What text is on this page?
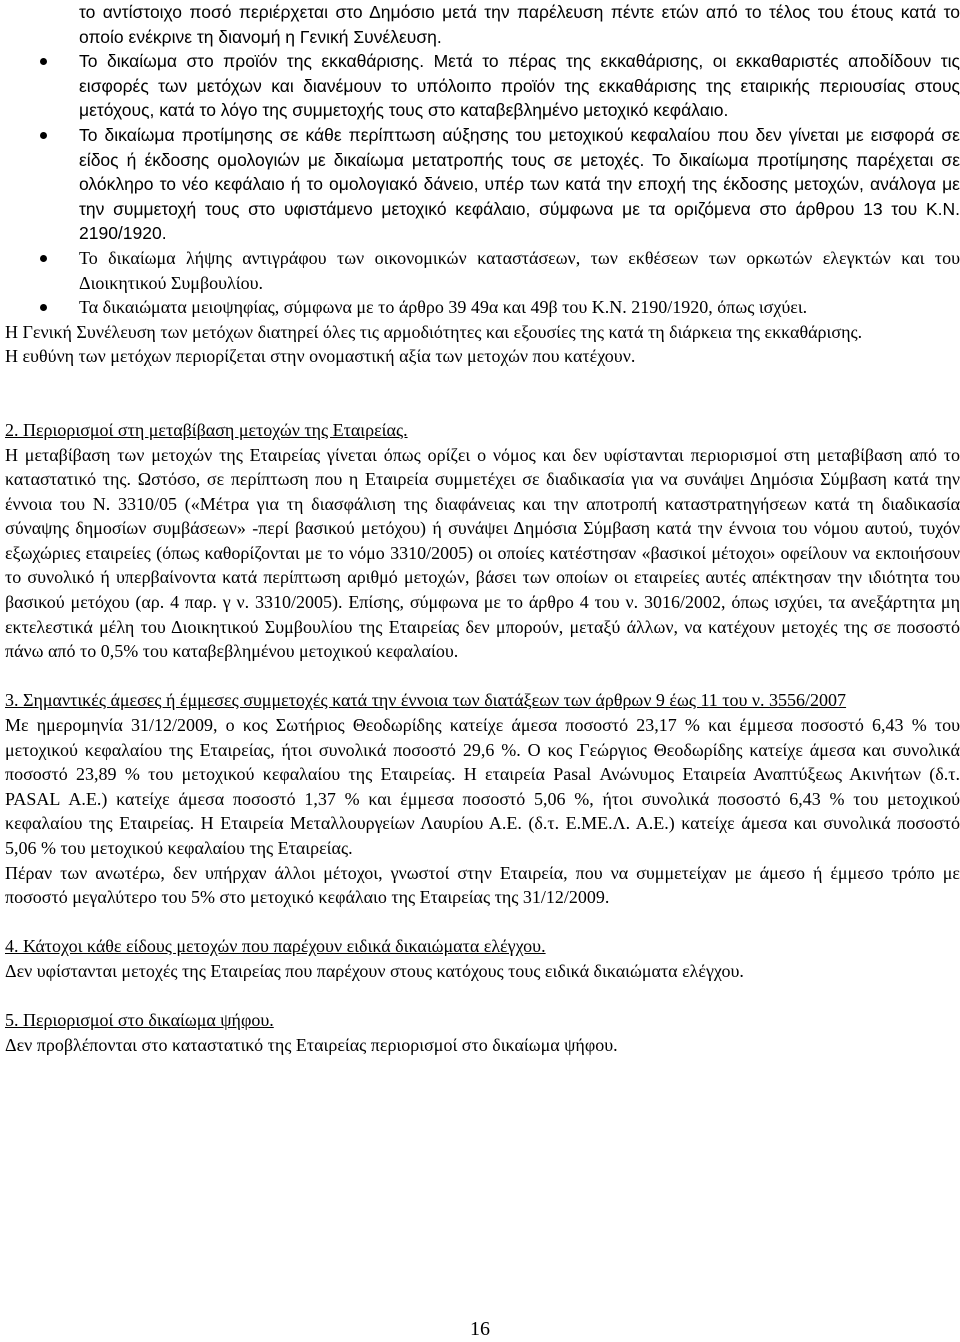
το αντίστοιχο ποσό περιέρχεται στο Δημόσιο μετά την παρέλευση πέντε ετών από το τέλος του έτους κατά το οποίο ενέκρινε τη διανομή η Γενική Συνέλευση.
Το δικαίωμα στο προϊόν της εκκαθάρισης. Μετά το πέρας της εκκαθάρισης, οι εκκαθαριστές αποδίδουν τις εισφορές των μετόχων και διανέμουν το υπόλοιπο προϊόν της εκκαθάρισης της εταιρικής περιουσίας στους μετόχους, κατά το λόγο της συμμετοχής τους στο καταβεβλημένο μετοχικό κεφάλαιο.
Το δικαίωμα προτίμησης σε κάθε περίπτωση αύξησης του μετοχικού κεφαλαίου που δεν γίνεται με εισφορά σε είδος ή έκδοσης ομολογιών με δικαίωμα μετατροπής τους σε μετοχές. Το δικαίωμα προτίμησης παρέχεται σε ολόκληρο το νέο κεφάλαιο ή το ομολογιακό δάνειο, υπέρ των κατά την εποχή της έκδοσης μετοχών, ανάλογα με την συμμετοχή τους στο υφιστάμενο μετοχικό κεφάλαιο, σύμφωνα με τα οριζόμενα στο άρθρου 13 του Κ.Ν. 2190/1920.
Το δικαίωμα λήψης αντιγράφου των οικονομικών καταστάσεων, των εκθέσεων των ορκωτών ελεγκτών και του Διοικητικού Συμβουλίου.
Τα δικαιώματα μειοψηφίας, σύμφωνα με το άρθρο 39 49α και 49β του Κ.Ν. 2190/1920, όπως ισχύει.

Η Γενική Συνέλευση των μετόχων διατηρεί όλες τις αρμοδιότητες και εξουσίες της κατά τη διάρκεια της εκκαθάρισης.

Η ευθύνη των μετόχων περιορίζεται στην ονομαστική αξία των μετοχών που κατέχουν.

2. Περιορισμοί στη μεταβίβαση μετοχών της Εταιρείας.

Η μεταβίβαση των μετοχών της Εταιρείας γίνεται όπως ορίζει ο νόμος και δεν υφίστανται περιορισμοί στη μεταβίβαση από το καταστατικό της. Ωστόσο, σε περίπτωση που η Εταιρεία συμμετέχει σε διαδικασία για να συνάψει Δημόσια Σύμβαση κατά την έννοια του Ν. 3310/05 («Μέτρα για τη διασφάλιση της διαφάνειας και την αποτροπή καταστρατηγήσεων κατά τη διαδικασία σύναψης δημοσίων συμβάσεων» -περί βασικού μετόχου) ή συνάψει Δημόσια Σύμβαση κατά την έννοια του νόμου αυτού, τυχόν εξωχώριες εταιρείες (όπως καθορίζονται με το νόμο 3310/2005) οι οποίες κατέστησαν «βασικοί μέτοχοι» οφείλουν να εκποιήσουν το συνολικό ή υπερβαίνοντα κατά περίπτωση αριθμό μετοχών, βάσει των οποίων οι εταιρείες αυτές απέκτησαν την ιδιότητα του βασικού μετόχου (αρ. 4 παρ. γ ν. 3310/2005). Επίσης, σύμφωνα με το άρθρο 4 του ν. 3016/2002, όπως ισχύει, τα ανεξάρτητα μη εκτελεστικά μέλη του Διοικητικού Συμβουλίου της Εταιρείας δεν μπορούν, μεταξύ άλλων, να κατέχουν μετοχές της σε ποσοστό πάνω από το 0,5% του καταβεβλημένου μετοχικού κεφαλαίου.

3. Σημαντικές άμεσες ή έμμεσες συμμετοχές κατά την έννοια των διατάξεων των άρθρων 9 έως 11 του ν. 3556/2007

Με ημερομηνία 31/12/2009, ο κος Σωτήριος Θεοδωρίδης κατείχε άμεσα ποσοστό 23,17 % και έμμεσα ποσοστό 6,43 % του μετοχικού κεφαλαίου της Εταιρείας, ήτοι συνολικά ποσοστό 29,6 %. Ο κος Γεώργιος Θεοδωρίδης κατείχε άμεσα και συνολικά ποσοστό 23,89 % του μετοχικού κεφαλαίου της Εταιρείας. Η εταιρεία Pasal Ανώνυμος Εταιρεία Αναπτύξεως Ακινήτων (δ.τ. PASAL Α.Ε.) κατείχε άμεσα ποσοστό 1,37 % και έμμεσα ποσοστό 5,06 %, ήτοι συνολικά ποσοστό 6,43 % του μετοχικού κεφαλαίου της Εταιρείας. Η Εταιρεία Μεταλλουργείων Λαυρίου Α.Ε. (δ.τ. Ε.ΜΕ.Λ. Α.Ε.) κατείχε άμεσα και συνολικά ποσοστό 5,06 % του μετοχικού κεφαλαίου της Εταιρείας.

Πέραν των ανωτέρω, δεν υπήρχαν άλλοι μέτοχοι, γνωστοί στην Εταιρεία, που να συμμετείχαν με άμεσο ή έμμεσο τρόπο με ποσοστό μεγαλύτερο του 5% στο μετοχικό κεφάλαιο της Εταιρείας της 31/12/2009.

4. Κάτοχοι κάθε είδους μετοχών που παρέχουν ειδικά δικαιώματα ελέγχου.

Δεν υφίστανται μετοχές της Εταιρείας που παρέχουν στους κατόχους τους ειδικά δικαιώματα ελέγχου.

5. Περιορισμοί στο δικαίωμα ψήφου.

Δεν προβλέπονται στο καταστατικό της Εταιρείας περιορισμοί στο δικαίωμα ψήφου.

16
